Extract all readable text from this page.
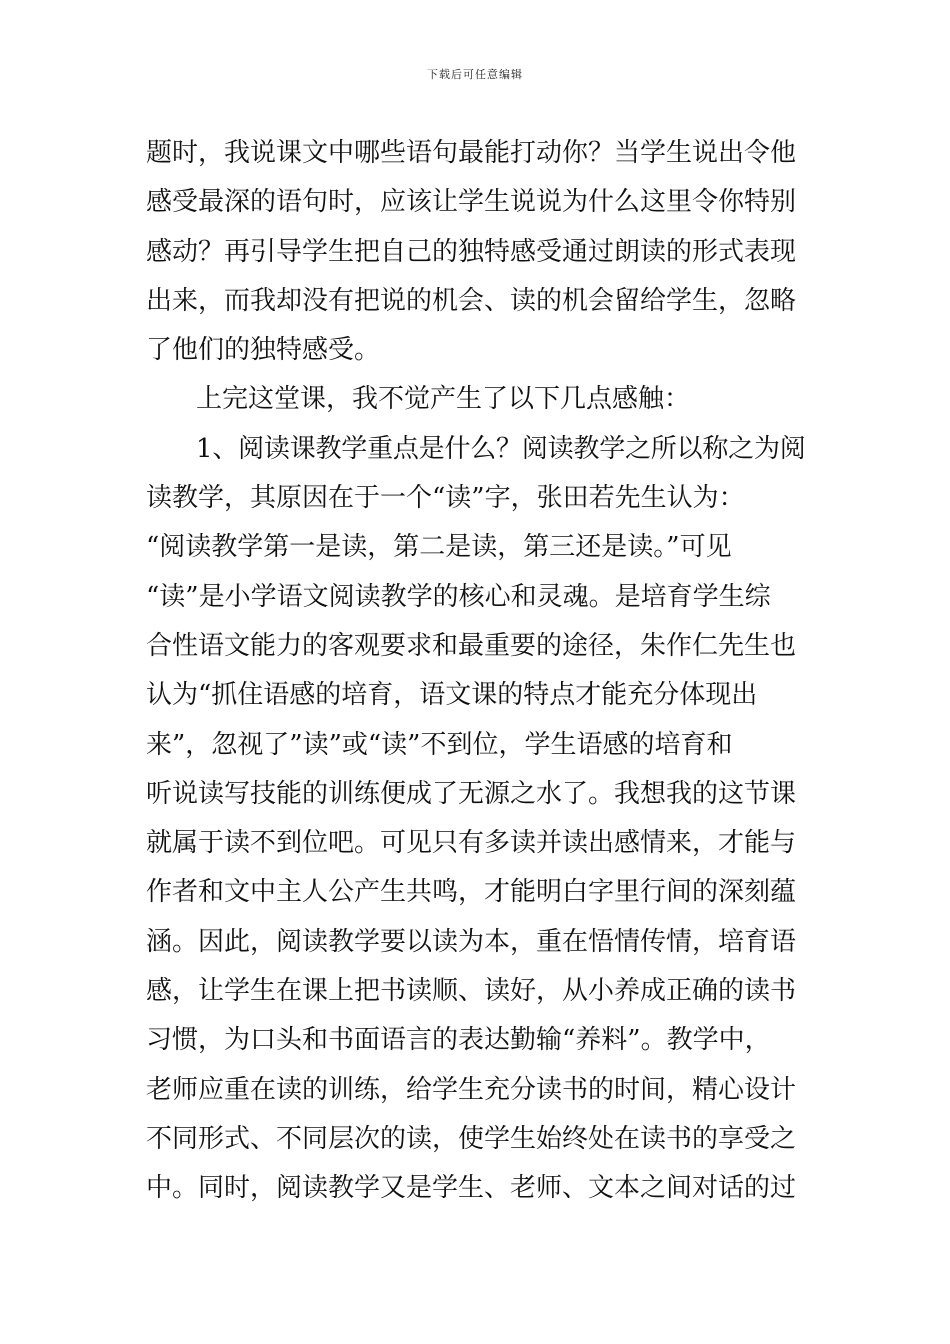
下载后可任意编辑
题时，我说课文中哪些语句最能打动你？当学生说出令他
感受最深的语句时，应该让学生说说为什么这里令你特别
感动？再引导学生把自己的独特感受通过朗读的形式表现
出来，而我却没有把说的机会、读的机会留给学生，忽略
了他们的独特感受。
上完这堂课，我不觉产生了以下几点感触：
1、阅读课教学重点是什么？阅读教学之所以称之为阅
读教学，其原因在于一个“读”字，张田若先生认为：
“阅读教学第一是读，第二是读，第三还是读。”可见
“读”是小学语文阅读教学的核心和灵魂。是培育学生综
合性语文能力的客观要求和最重要的途径，朱作仁先生也
认为“抓住语感的培育，语文课的特点才能充分体现出
来”，忽视了”读”或“读”不到位，学生语感的培育和
听说读写技能的训练便成了无源之水了。我想我的这节课
就属于读不到位吧。可见只有多读并读出感情来，才能与
作者和文中主人公产生共鸣，才能明白字里行间的深刻蕴
涵。因此，阅读教学要以读为本，重在悟情传情，培育语
感，让学生在课上把书读顺、读好，从小养成正确的读书
习惯，为口头和书面语言的表达勤输“养料”。教学中，
老师应重在读的训练，给学生充分读书的时间，精心设计
不同形式、不同层次的读，使学生始终处在读书的享受之
中。同时，阅读教学又是学生、老师、文本之间对话的过
